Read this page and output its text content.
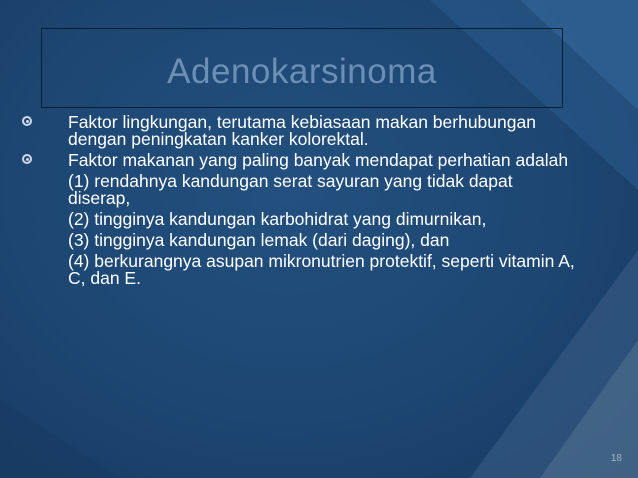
Adenokarsinoma
Faktor lingkungan, terutama kebiasaan makan berhubungan dengan peningkatan kanker kolorektal.
Faktor makanan yang paling banyak mendapat perhatian adalah
(1) rendahnya kandungan serat sayuran yang tidak dapat diserap,
(2) tingginya kandungan karbohidrat yang dimurnikan,
(3) tingginya kandungan lemak (dari daging), dan
(4) berkurangnya asupan mikronutrien protektif, seperti vitamin A, C, dan E.
18
